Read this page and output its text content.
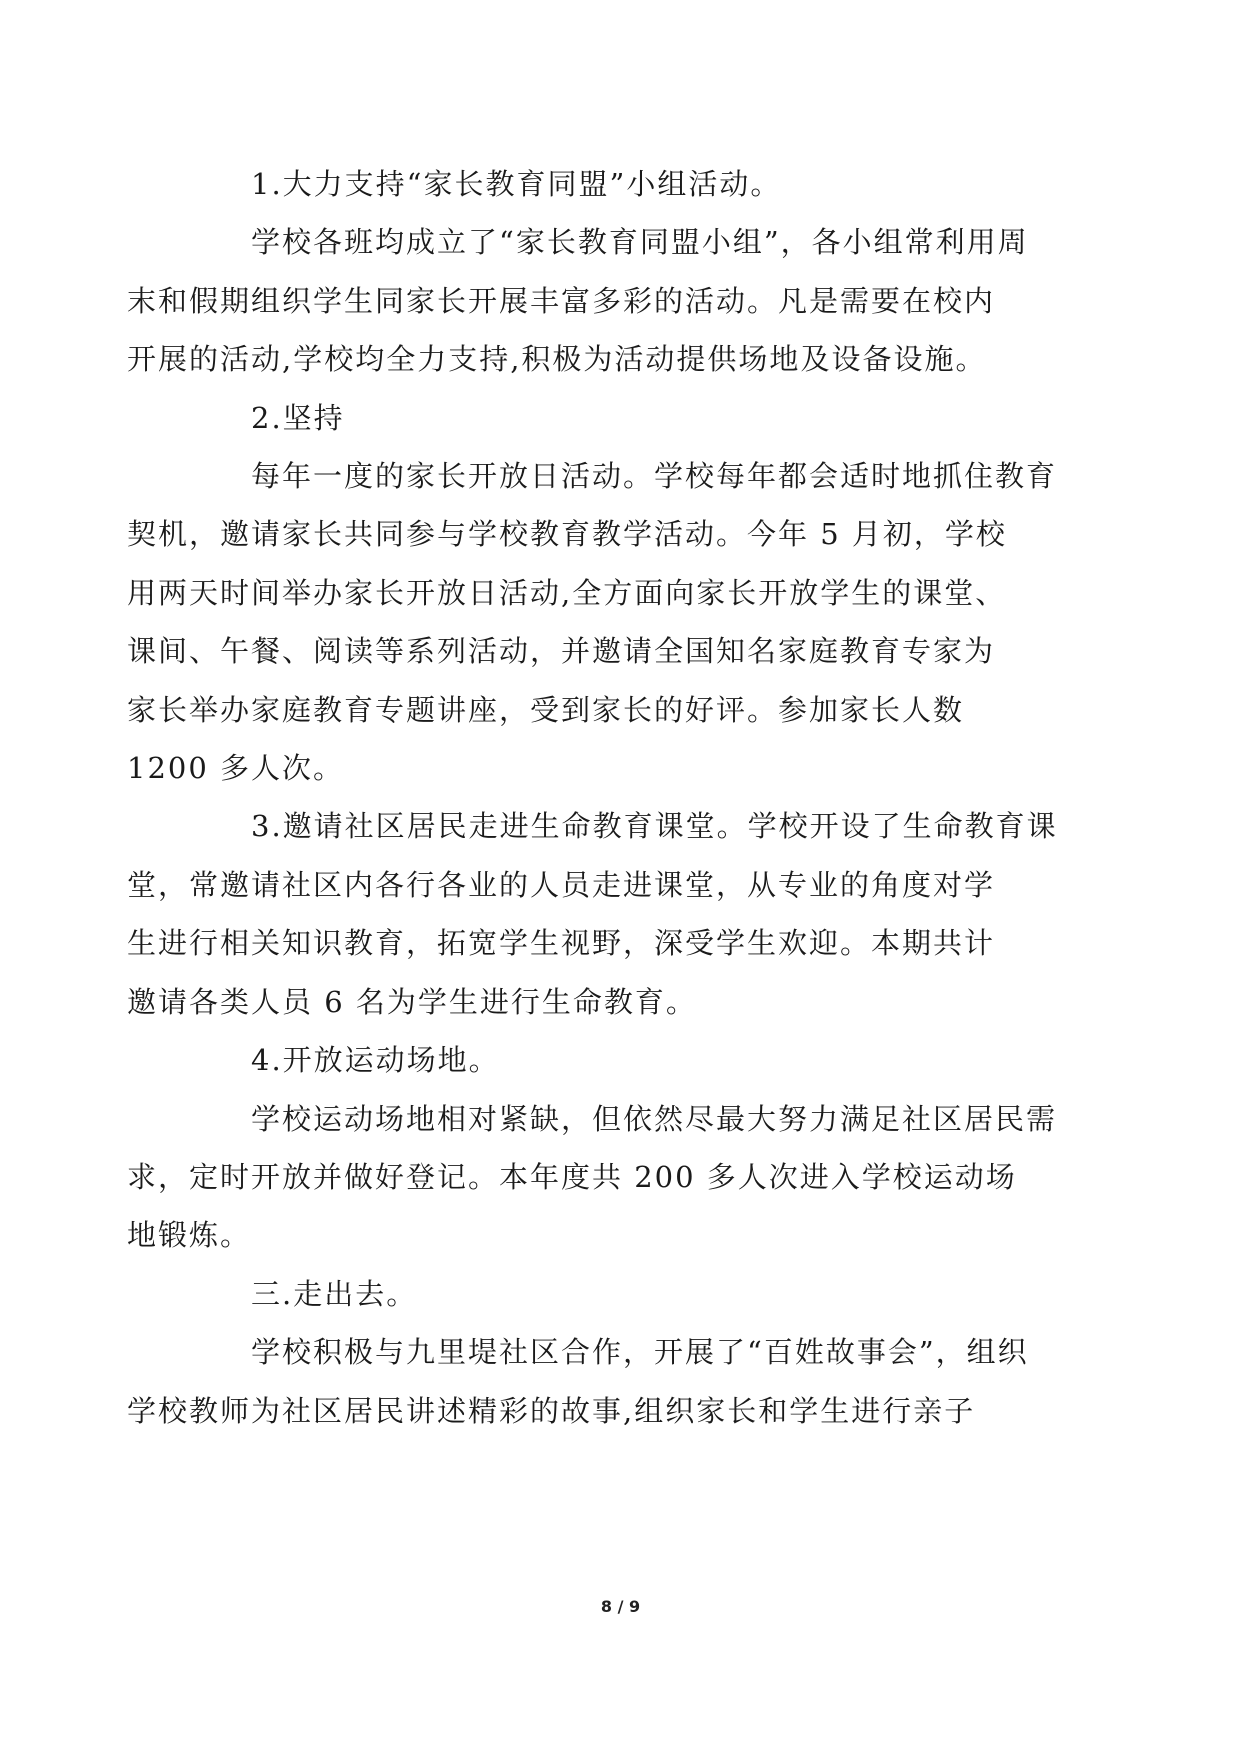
1.大力支持“家长教育同盟”小组活动。

学校各班均成立了“家长教育同盟小组”，各小组常利用周
末和假期组织学生同家长开展丰富多彩的活动。凡是需要在校内
开展的活动,学校均全力支持,积极为活动提供场地及设备设施。

2.坚持

每年一度的家长开放日活动。学校每年都会适时地抓住教育
契机，邀请家长共同参与学校教育教学活动。今年 5 月初，学校
用两天时间举办家长开放日活动,全方面向家长开放学生的课堂、
课间、午餐、阅读等系列活动，并邀请全国知名家庭教育专家为
家长举办家庭教育专题讲座，受到家长的好评。参加家长人数
1200 多人次。

3.邀请社区居民走进生命教育课堂。学校开设了生命教育课
堂，常邀请社区内各行各业的人员走进课堂，从专业的角度对学
生进行相关知识教育，拓宽学生视野，深受学生欢迎。本期共计
邀请各类人员 6 名为学生进行生命教育。

4.开放运动场地。

学校运动场地相对紧缺，但依然尽最大努力满足社区居民需
求，定时开放并做好登记。本年度共 200 多人次进入学校运动场
地锻炼。

三.走出去。

学校积极与九里堤社区合作，开展了“百姓故事会”，组织
学校教师为社区居民讲述精彩的故事,组织家长和学生进行亲子

8 / 9
